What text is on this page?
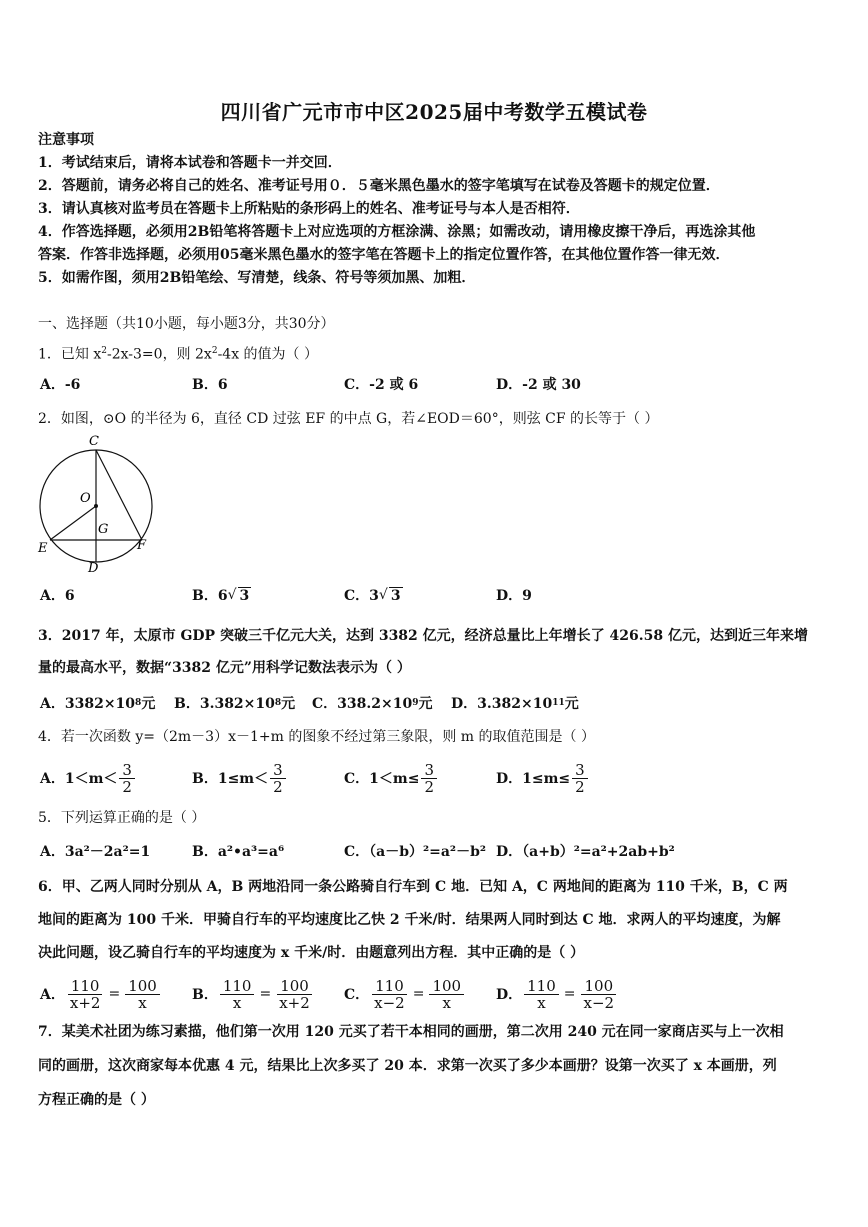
四川省广元市市中区2025届中考数学五模试卷
注意事项
1．考试结束后，请将本试卷和答题卡一并交回．
2．答题前，请务必将自己的姓名、准考证号用０．５毫米黑色墨水的签字笔填写在试卷及答题卡的规定位置．
3．请认真核对监考员在答题卡上所粘贴的条形码上的姓名、准考证号与本人是否相符．
4．作答选择题，必须用2B铅笔将答题卡上对应选项的方框涂满、涂黑；如需改动，请用橡皮擦干净后，再选涂其他
答案．作答非选择题，必须用05毫米黑色墨水的签字笔在答题卡上的指定位置作答，在其他位置作答一律无效．
5．如需作图，须用2B铅笔绘、写清楚，线条、符号等须加黑、加粗．
一、选择题（共10小题，每小题3分，共30分）
1．已知 $x^2-2x-3=0$，则 $2x^2-4x$ 的值为（ ）
A．-6	B．6	C．-2 或 6	D．-2 或 30
2．如图，⊙O 的半径为 6，直径 CD 过弦 EF 的中点 G，若∠EOD＝60°，则弦 CF 的长等于（ ）
C
O
G
E	F
D
A．6	B．6 √ 3	C．3 √ 3	D．9
3．2017 年，太原市 GDP 突破三千亿元大关，达到 3382 亿元，经济总量比上年增长了 426.58 亿元，达到近三年来增
量的最高水平，数据“3382 亿元”用科学记数法表示为（ ）
A．3382×10 8 元 B．3.382×10 8 元 C．338.2×10 9 元 D．3.382×10 11 元
4．若一次函数 y=（2m－3）x－1+m 的图象不经过第三象限，则 m 的取值范围是（ ）
A．$1<m< \frac{3}{2}$	B．$1\le m< \frac{3}{2}$	C．$1<m\le \frac{3}{2}$	D．$1\le m\le \frac{3}{2}$
5．下列运算正确的是（ ）
A．3a²－2a²=1	B．a²•a³=a⁶	C．（a－b）²=a²－b² D．（a+b）²=a²+2ab+b²
6．甲、乙两人同时分别从 A，B 两地沿同一条公路骑自行车到 C 地．已知 A，C 两地间的距离为 110 千米，B，C 两
地间的距离为 100 千米．甲骑自行车的平均速度比乙快 2 千米/时．结果两人同时到达 C 地．求两人的平均速度，为解
决此问题，设乙骑自行车的平均速度为 x 千米/时．由题意列出方程．其中正确的是（ ）
A． $\frac{110}{x+2} = \frac{100}{x}$ B． $\frac{110}{x} = \frac{100}{x+2}$ C． $\frac{110}{x-2} = \frac{100}{x}$ D． $\frac{110}{x} = \frac{100}{x-2}$
7．某美术社团为练习素描，他们第一次用 120 元买了若干本相同的画册，第二次用 240 元在同一家商店买与上一次相
同的画册，这次商家每本优惠 4 元，结果比上次多买了 20 本．求第一次买了多少本画册？设第一次买了 x 本画册，列
方程正确的是（ ）
